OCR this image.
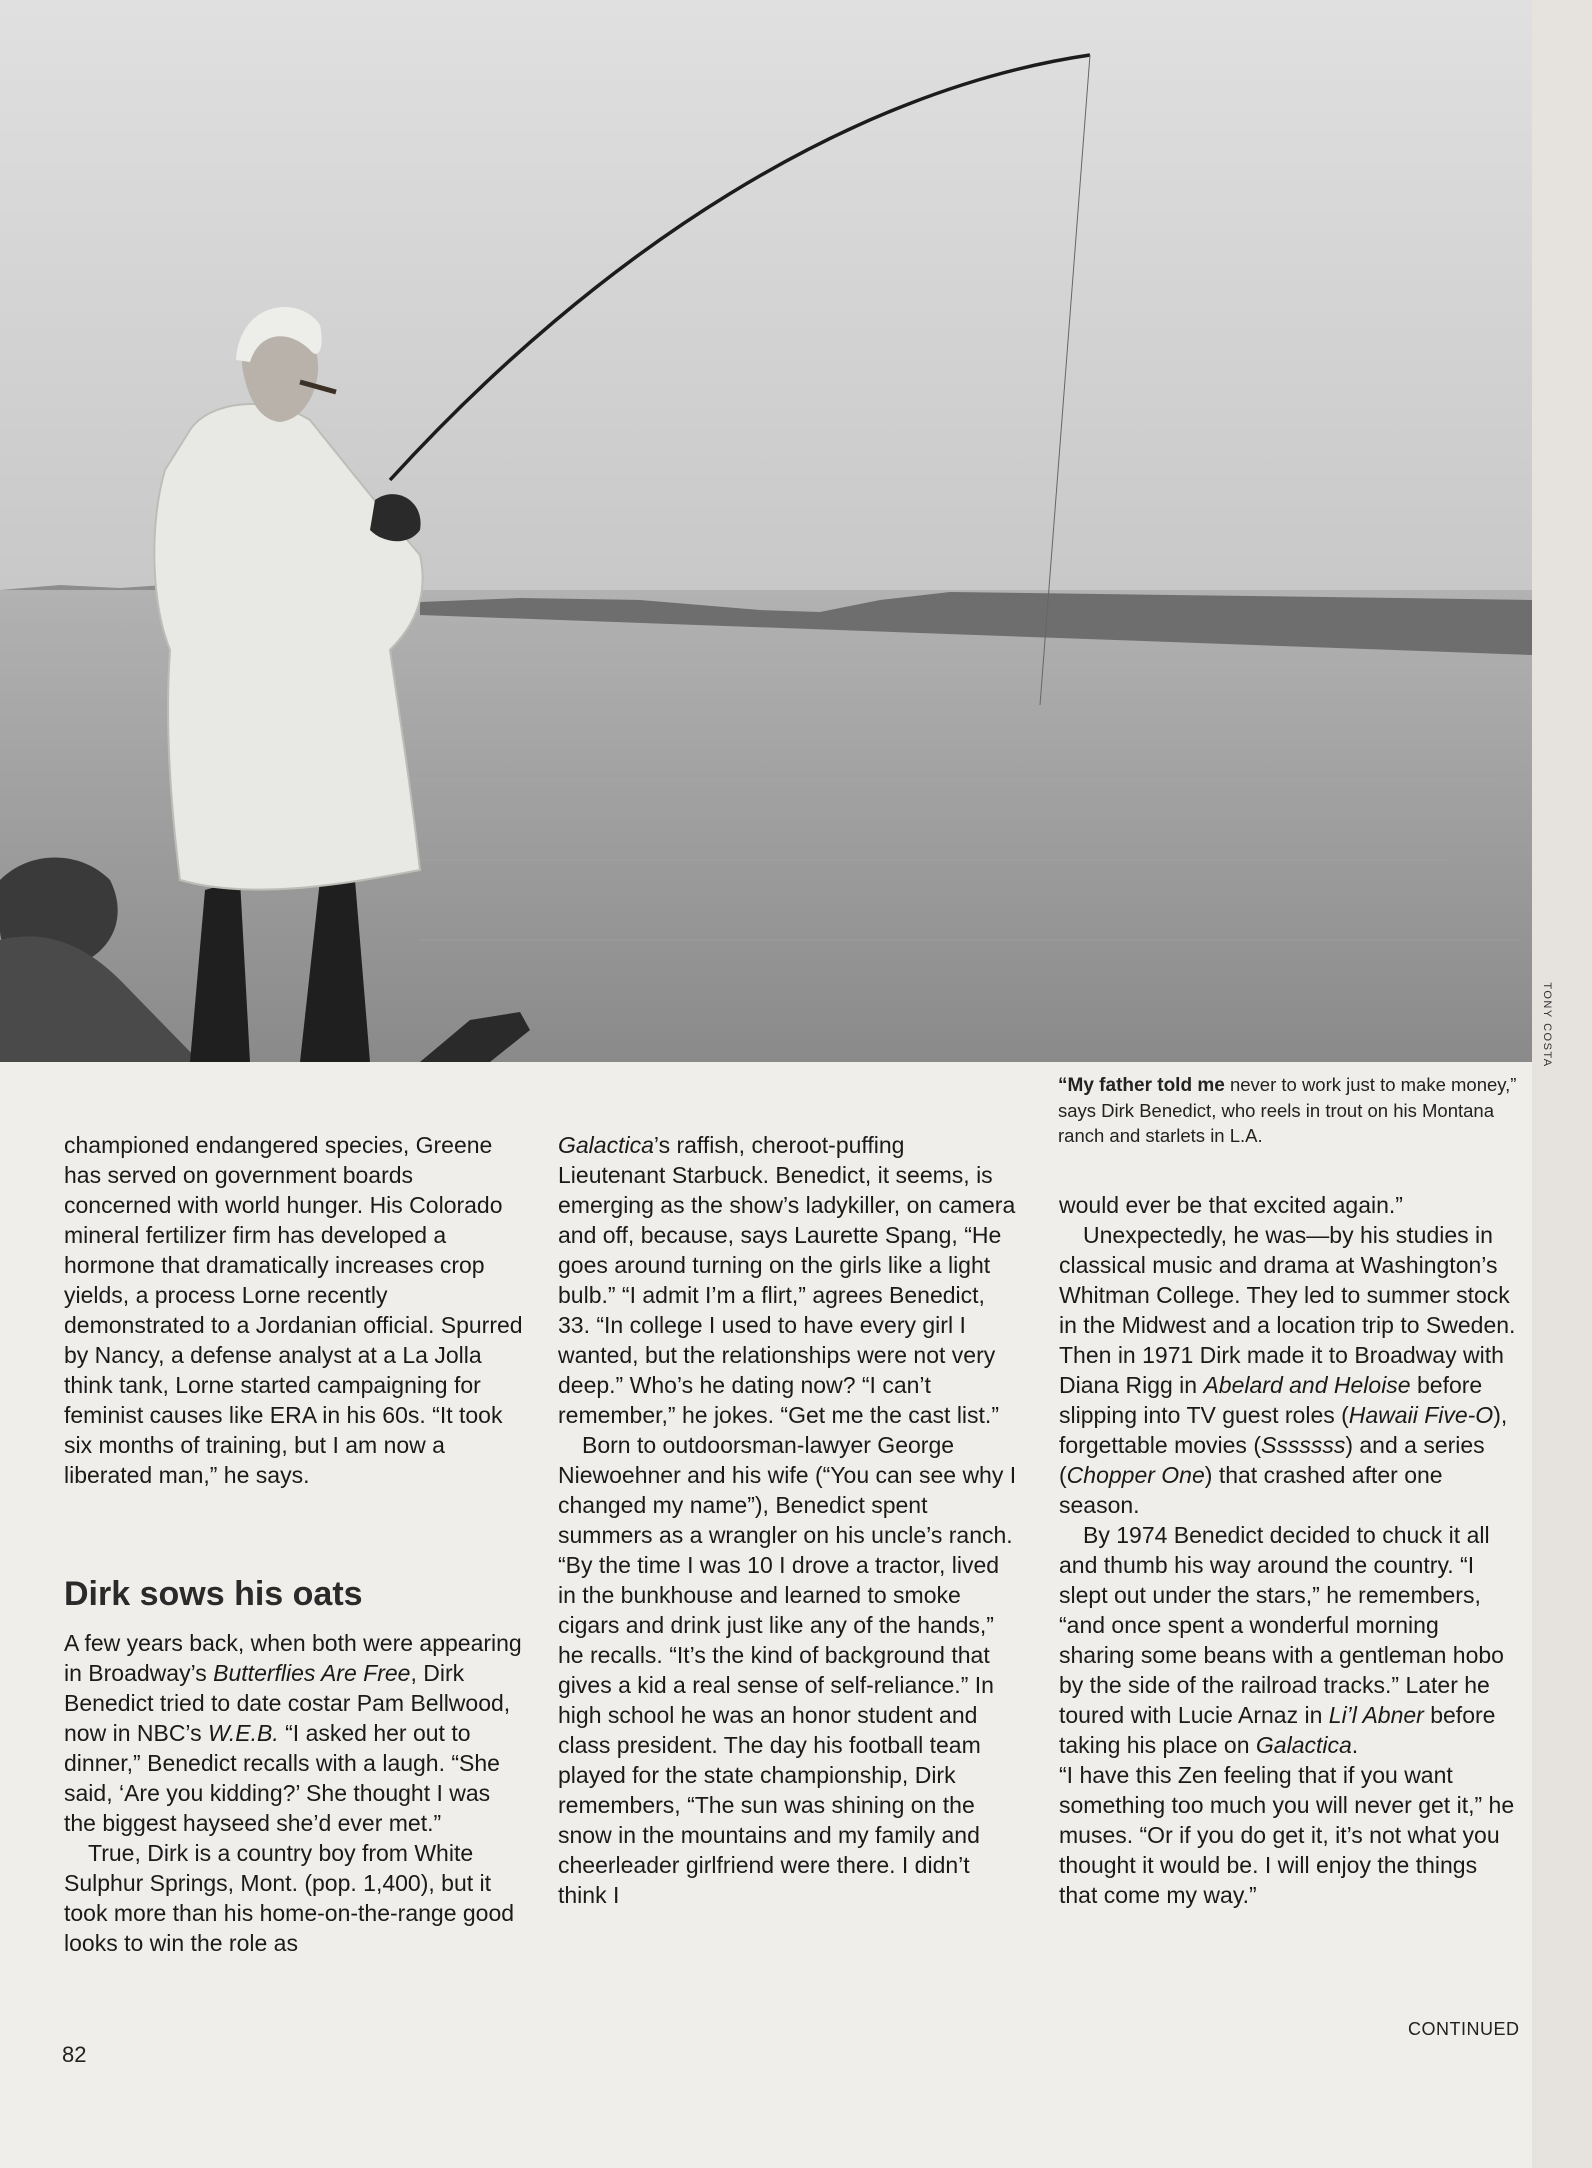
TONY COSTA
“My father told me never to work just to make money,” says Dirk Benedict, who reels in trout on his Montana ranch and starlets in L.A.

championed endangered species, Greene has served on government boards concerned with world hunger. His Colorado mineral fertilizer firm has developed a hormone that dramatically increases crop yields, a process Lorne recently demonstrated to a Jordanian official. Spurred by Nancy, a defense analyst at a La Jolla think tank, Lorne started campaigning for feminist causes like ERA in his 60s. “It took six months of training, but I am now a liberated man,” he says.

Dirk sows his oats

A few years back, when both were appearing in Broadway’s Butterflies Are Free, Dirk Benedict tried to date costar Pam Bellwood, now in NBC’s W.E.B. “I asked her out to dinner,” Benedict recalls with a laugh. “She said, ‘Are you kidding?’ She thought I was the biggest hayseed she’d ever met.”

True, Dirk is a country boy from White Sulphur Springs, Mont. (pop. 1,400), but it took more than his home-on-the-range good looks to win the role as

Galactica’s raffish, cheroot-puffing Lieutenant Starbuck. Benedict, it seems, is emerging as the show’s ladykiller, on camera and off, because, says Laurette Spang, “He goes around turning on the girls like a light bulb.” “I admit I’m a flirt,” agrees Benedict, 33. “In college I used to have every girl I wanted, but the relationships were not very deep.” Who’s he dating now? “I can’t remember,” he jokes. “Get me the cast list.”

Born to outdoorsman-lawyer George Niewoehner and his wife (“You can see why I changed my name”), Benedict spent summers as a wrangler on his uncle’s ranch. “By the time I was 10 I drove a tractor, lived in the bunkhouse and learned to smoke cigars and drink just like any of the hands,” he recalls. “It’s the kind of background that gives a kid a real sense of self-reliance.” In high school he was an honor student and class president. The day his football team played for the state championship, Dirk remembers, “The sun was shining on the snow in the mountains and my family and cheerleader girlfriend were there. I didn’t think I

would ever be that excited again.”

Unexpectedly, he was—by his studies in classical music and drama at Washington’s Whitman College. They led to summer stock in the Midwest and a location trip to Sweden. Then in 1971 Dirk made it to Broadway with Diana Rigg in Abelard and Heloise before slipping into TV guest roles (Hawaii Five-O), forgettable movies (Sssssss) and a series (Chopper One) that crashed after one season.

By 1974 Benedict decided to chuck it all and thumb his way around the country. “I slept out under the stars,” he remembers, “and once spent a wonderful morning sharing some beans with a gentleman hobo by the side of the railroad tracks.” Later he toured with Lucie Arnaz in Li’l Abner before taking his place on Galactica.

“I have this Zen feeling that if you want something too much you will never get it,” he muses. “Or if you do get it, it’s not what you thought it would be. I will enjoy the things that come my way.”

CONTINUED
82
